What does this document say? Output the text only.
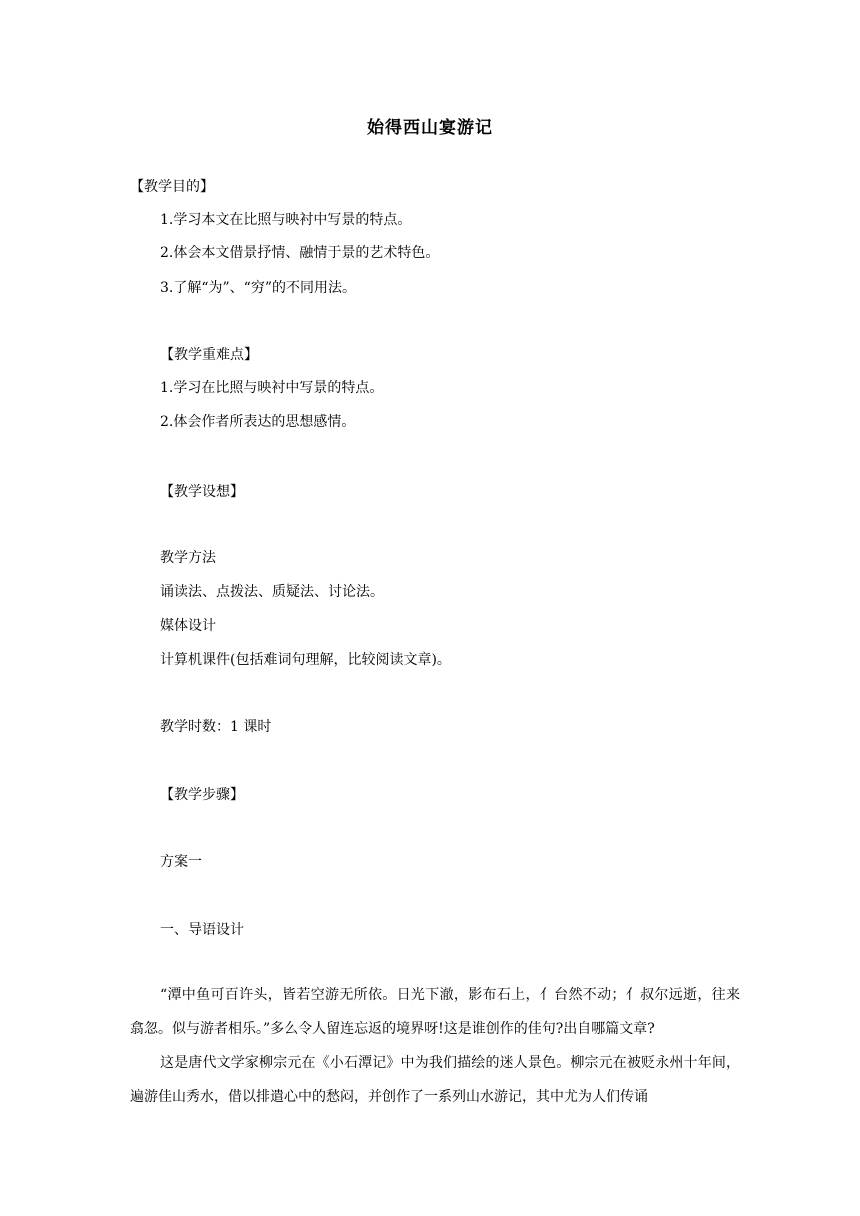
始得西山宴游记
【教学目的】
1.学习本文在比照与映衬中写景的特点。
2.体会本文借景抒情、融情于景的艺术特色。
3.了解“为”、“穷”的不同用法。
【教学重难点】
1.学习在比照与映衬中写景的特点。
2.体会作者所表达的思想感情。
【教学设想】
教学方法
诵读法、点拨法、质疑法、讨论法。
媒体设计
计算机课件(包括难词句理解，比较阅读文章)。
教学时数：1 课时
【教学步骤】
方案一
一、导语设计

“潭中鱼可百许头，皆若空游无所依。日光下澈，影布石上，亻台然不动；亻叔尔远逝，往来翕忽。似与游者相乐。”多么令人留连忘返的境界呀!这是谁创作的佳句?出自哪篇文章?

这是唐代文学家柳宗元在《小石潭记》中为我们描绘的迷人景色。柳宗元在被贬永州十年间，遍游佳山秀水，借以排遣心中的愁闷，并创作了一系列山水游记，其中尤为人们传诵
